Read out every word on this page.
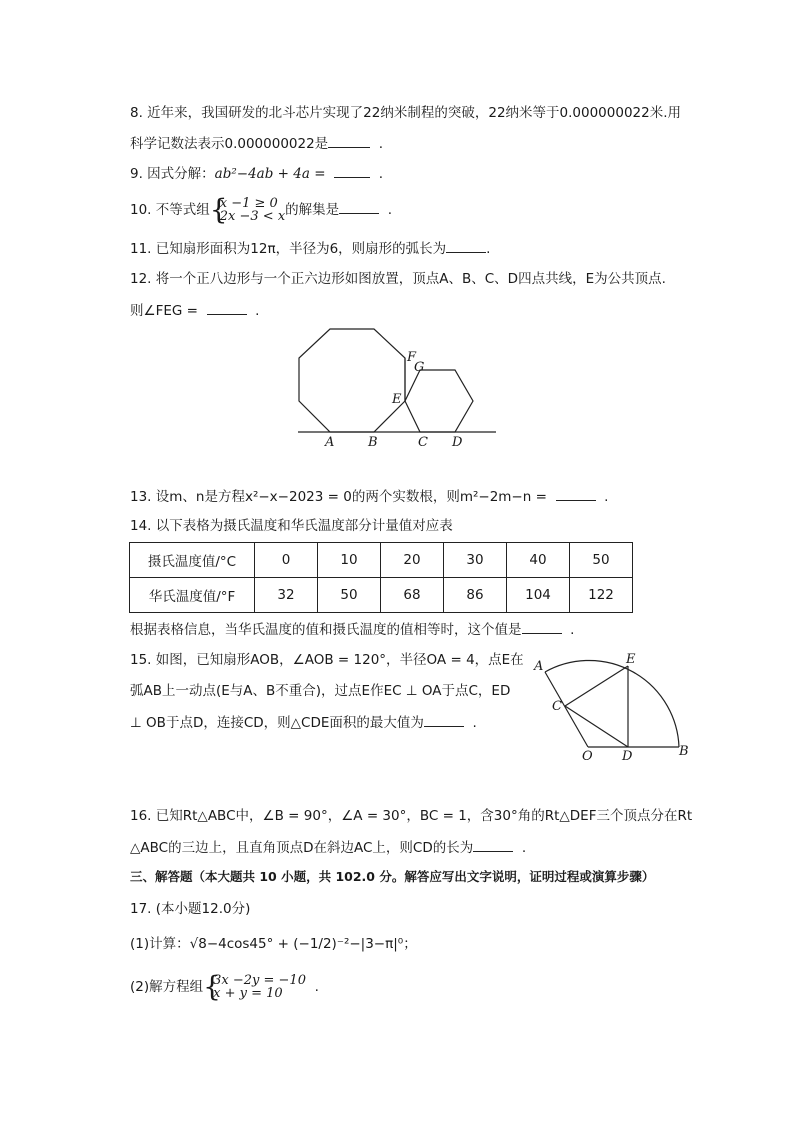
8. 近年来，我国研发的北斗芯片实现了22纳米制程的突破，22纳米等于0.000000022米.用
科学记数法表示0.000000022是	.
9. 因式分解：ab²−4ab + 4a =	.
10. 不等式组 {
x −1 ≥ 0
2x −3 < x 的解集是	.
11. 已知扇形面积为12π，半径为6，则扇形的弧长为	.
12. 将一个正八边形与一个正六边形如图放置，顶点A、B、C、D四点共线，E为公共顶点.
则∠FEG =	.
A	B	C D
E
F
G
13. 设m、n是方程x²−x−2023 = 0的两个实数根，则m²−2m−n =	.
14. 以下表格为摄氏温度和华氏温度部分计量值对应表
摄氏温度值/°C	0	10	20	30	40	50
华氏温度值/°F	32	50	68	86	104	122
根据表格信息，当华氏温度的值和摄氏温度的值相等时，这个值是	.
15. 如图，已知扇形AOB，∠AOB = 120°，半径OA = 4，点E在
弧AB上一动点(E与A、B不重合)，过点E作EC ⊥ OA于点C，ED
⊥ OB于点D，连接CD，则△CDE面积的最大值为	.
A	E
C
O D	B
16. 已知Rt△ABC中，∠B = 90°，∠A = 30°，BC = 1，含30°角的Rt△DEF三个顶点分在Rt
△ABC的三边上，且直角顶点D在斜边AC上，则CD的长为	.
三、解答题（本大题共 10 小题，共 102.0 分。解答应写出文字说明，证明过程或演算步骤）
17. (本小题12.0分)
(1)计算：√8−4cos45° + (−1/2)⁻²−|3−π|⁰；
(2)解方程组 {
3x −2y = −10
x + y = 10	.
